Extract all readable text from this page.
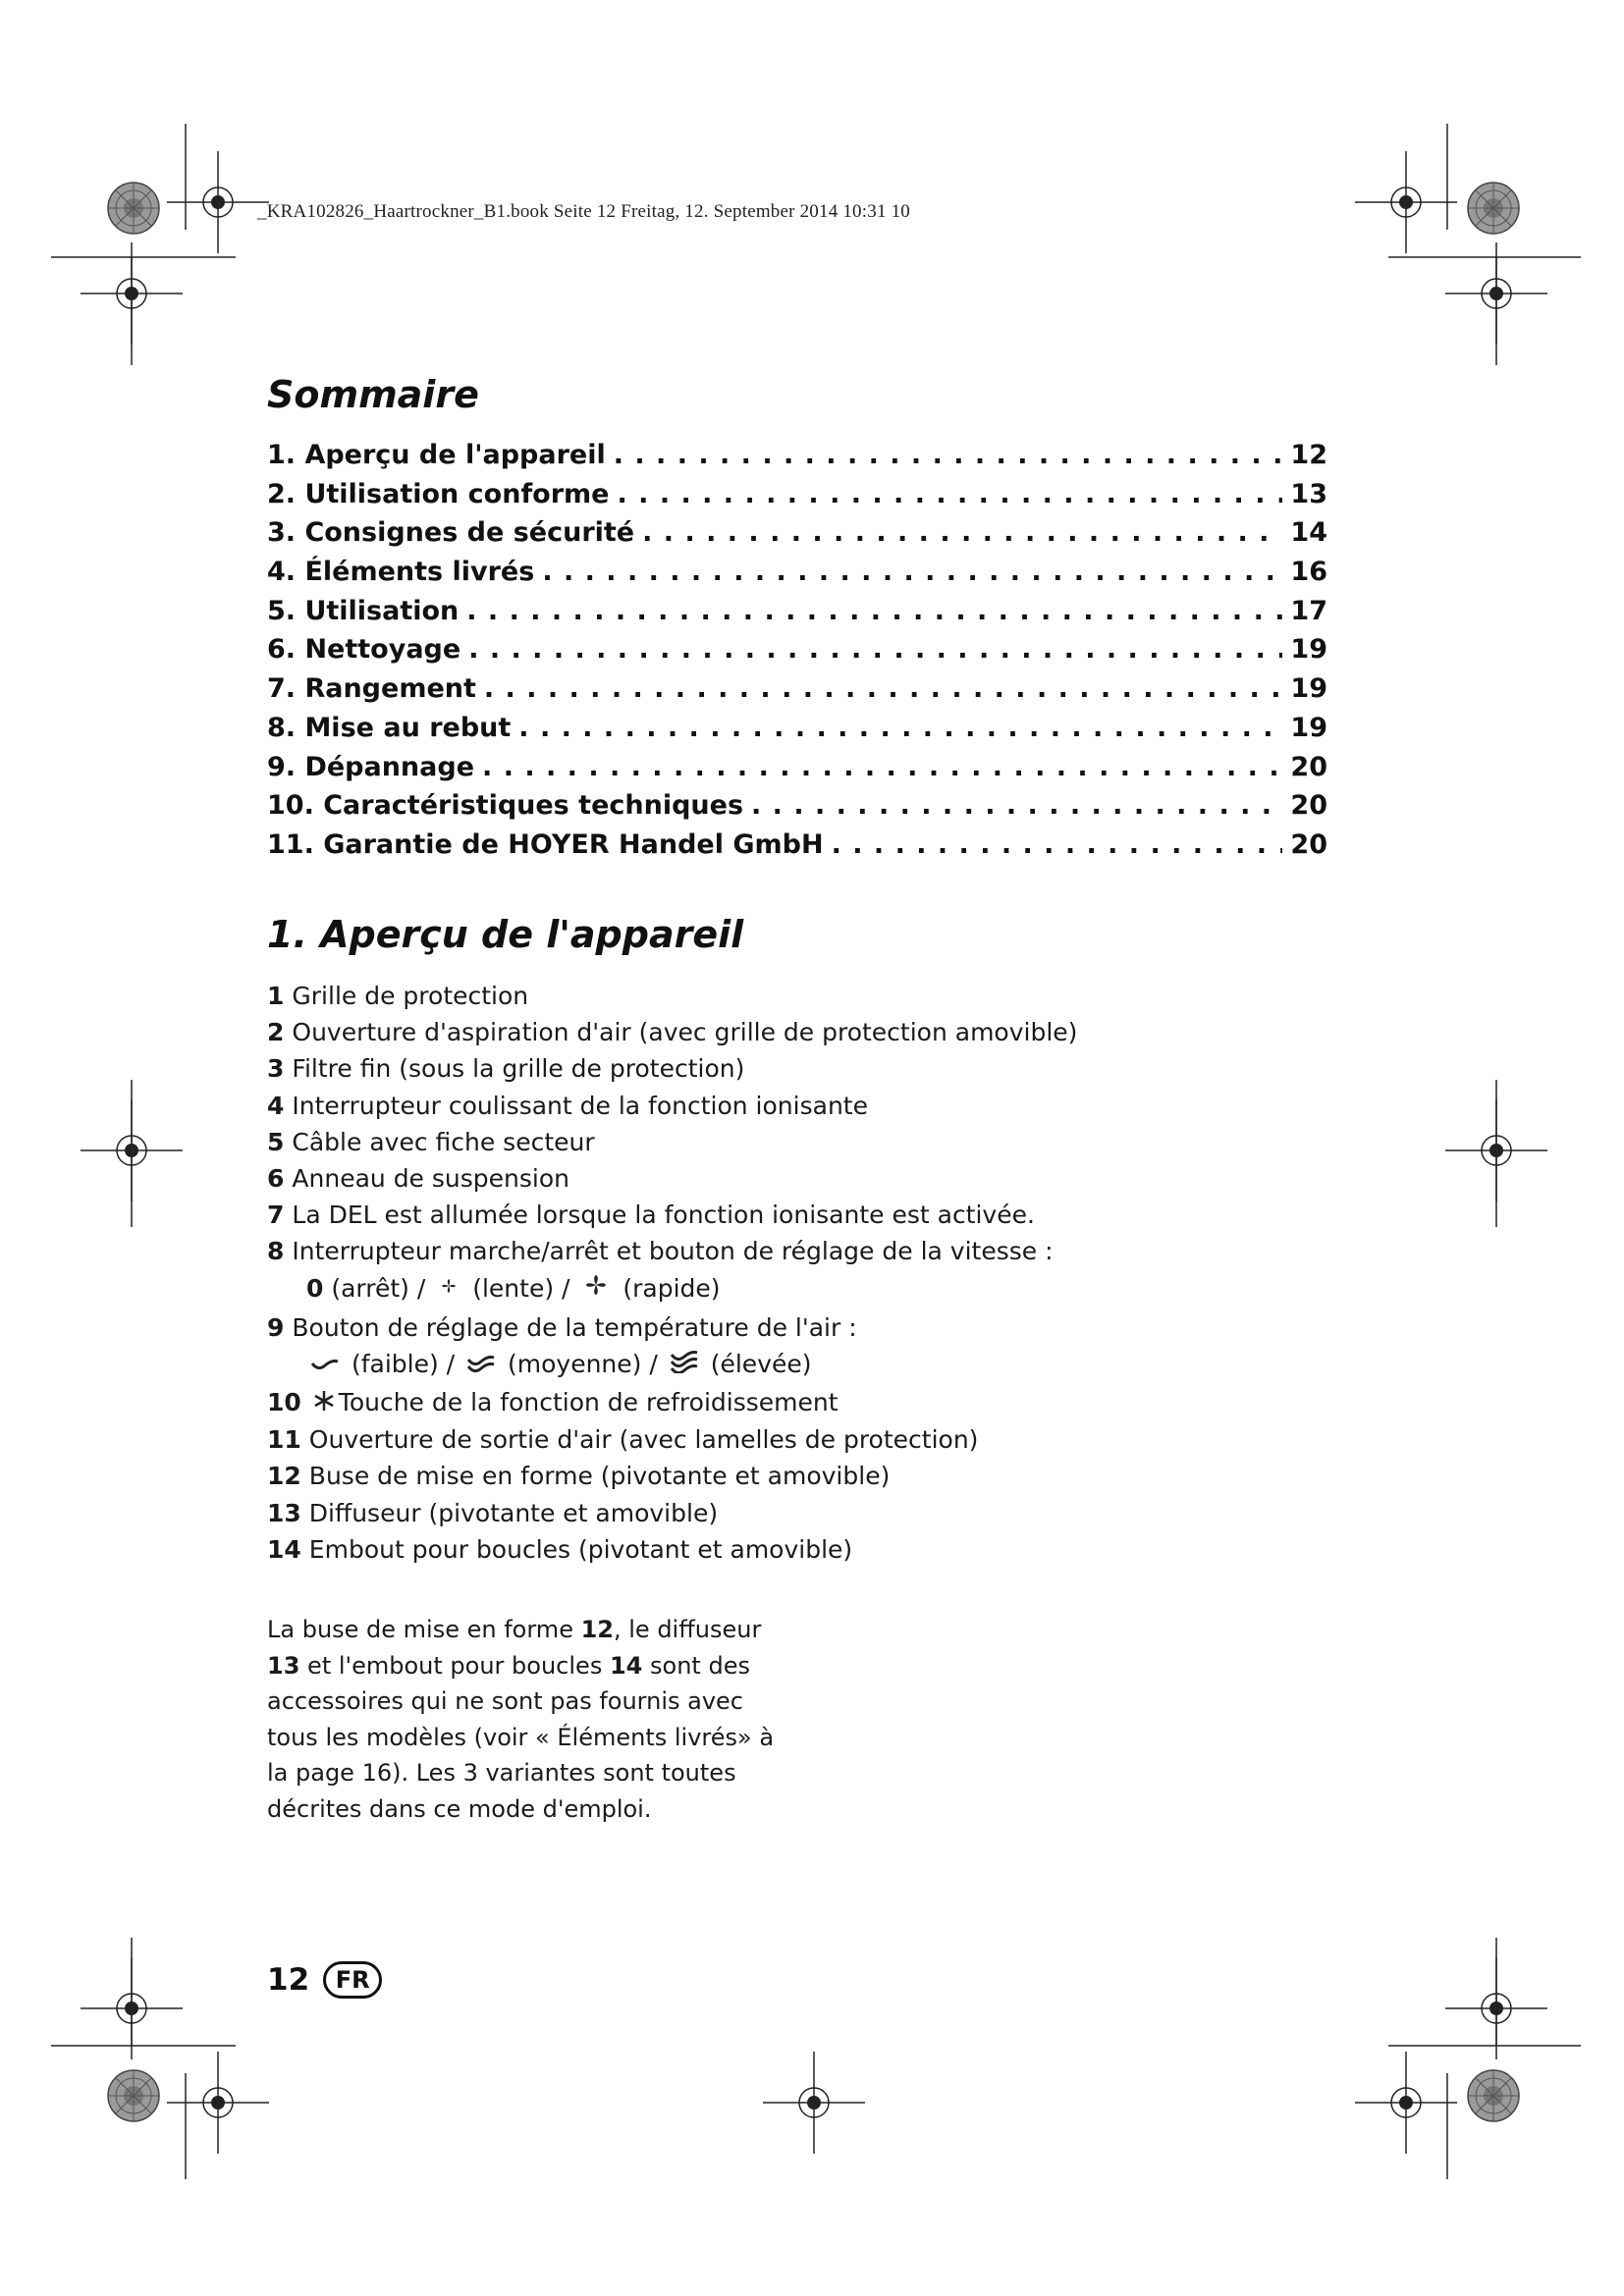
_KRA102826_Haartrockner_B1.book Seite 12 Freitag, 12. September 2014 10:31 10
Sommaire
1. Aperçu de l'appareil . . .	12
2. Utilisation conforme . . .	13
3. Consignes de sécurité . . .	14
4. Éléments livrés . . .	16
5. Utilisation . . .	17
6. Nettoyage . . .	19
7. Rangement . . .	19
8. Mise au rebut . . .	19
9. Dépannage . . .	20
10. Caractéristiques techniques . . .	20
11. Garantie de HOYER Handel GmbH . . .	20
1. Aperçu de l'appareil
1 Grille de protection
2 Ouverture d'aspiration d'air (avec grille de protection amovible)
3 Filtre fin (sous la grille de protection)
4 Interrupteur coulissant de la fonction ionisante
5 Câble avec fiche secteur
6 Anneau de suspension
7 La DEL est allumée lorsque la fonction ionisante est activée.
8 Interrupteur marche/arrêt et bouton de réglage de la vitesse :
0 (arrêt) / (lente) / (rapide)
9 Bouton de réglage de la température de l'air :
(faible) / (moyenne) / (élevée)
10 Touche de la fonction de refroidissement
11 Ouverture de sortie d'air (avec lamelles de protection)
12 Buse de mise en forme (pivotante et amovible)
13 Diffuseur (pivotante et amovible)
14 Embout pour boucles (pivotant et amovible)

La buse de mise en forme 12, le diffuseur 13 et l'embout pour boucles 14 sont des accessoires qui ne sont pas fournis avec tous les modèles (voir « Éléments livrés» à la page 16). Les 3 variantes sont toutes décrites dans ce mode d'emploi.

12	FR
